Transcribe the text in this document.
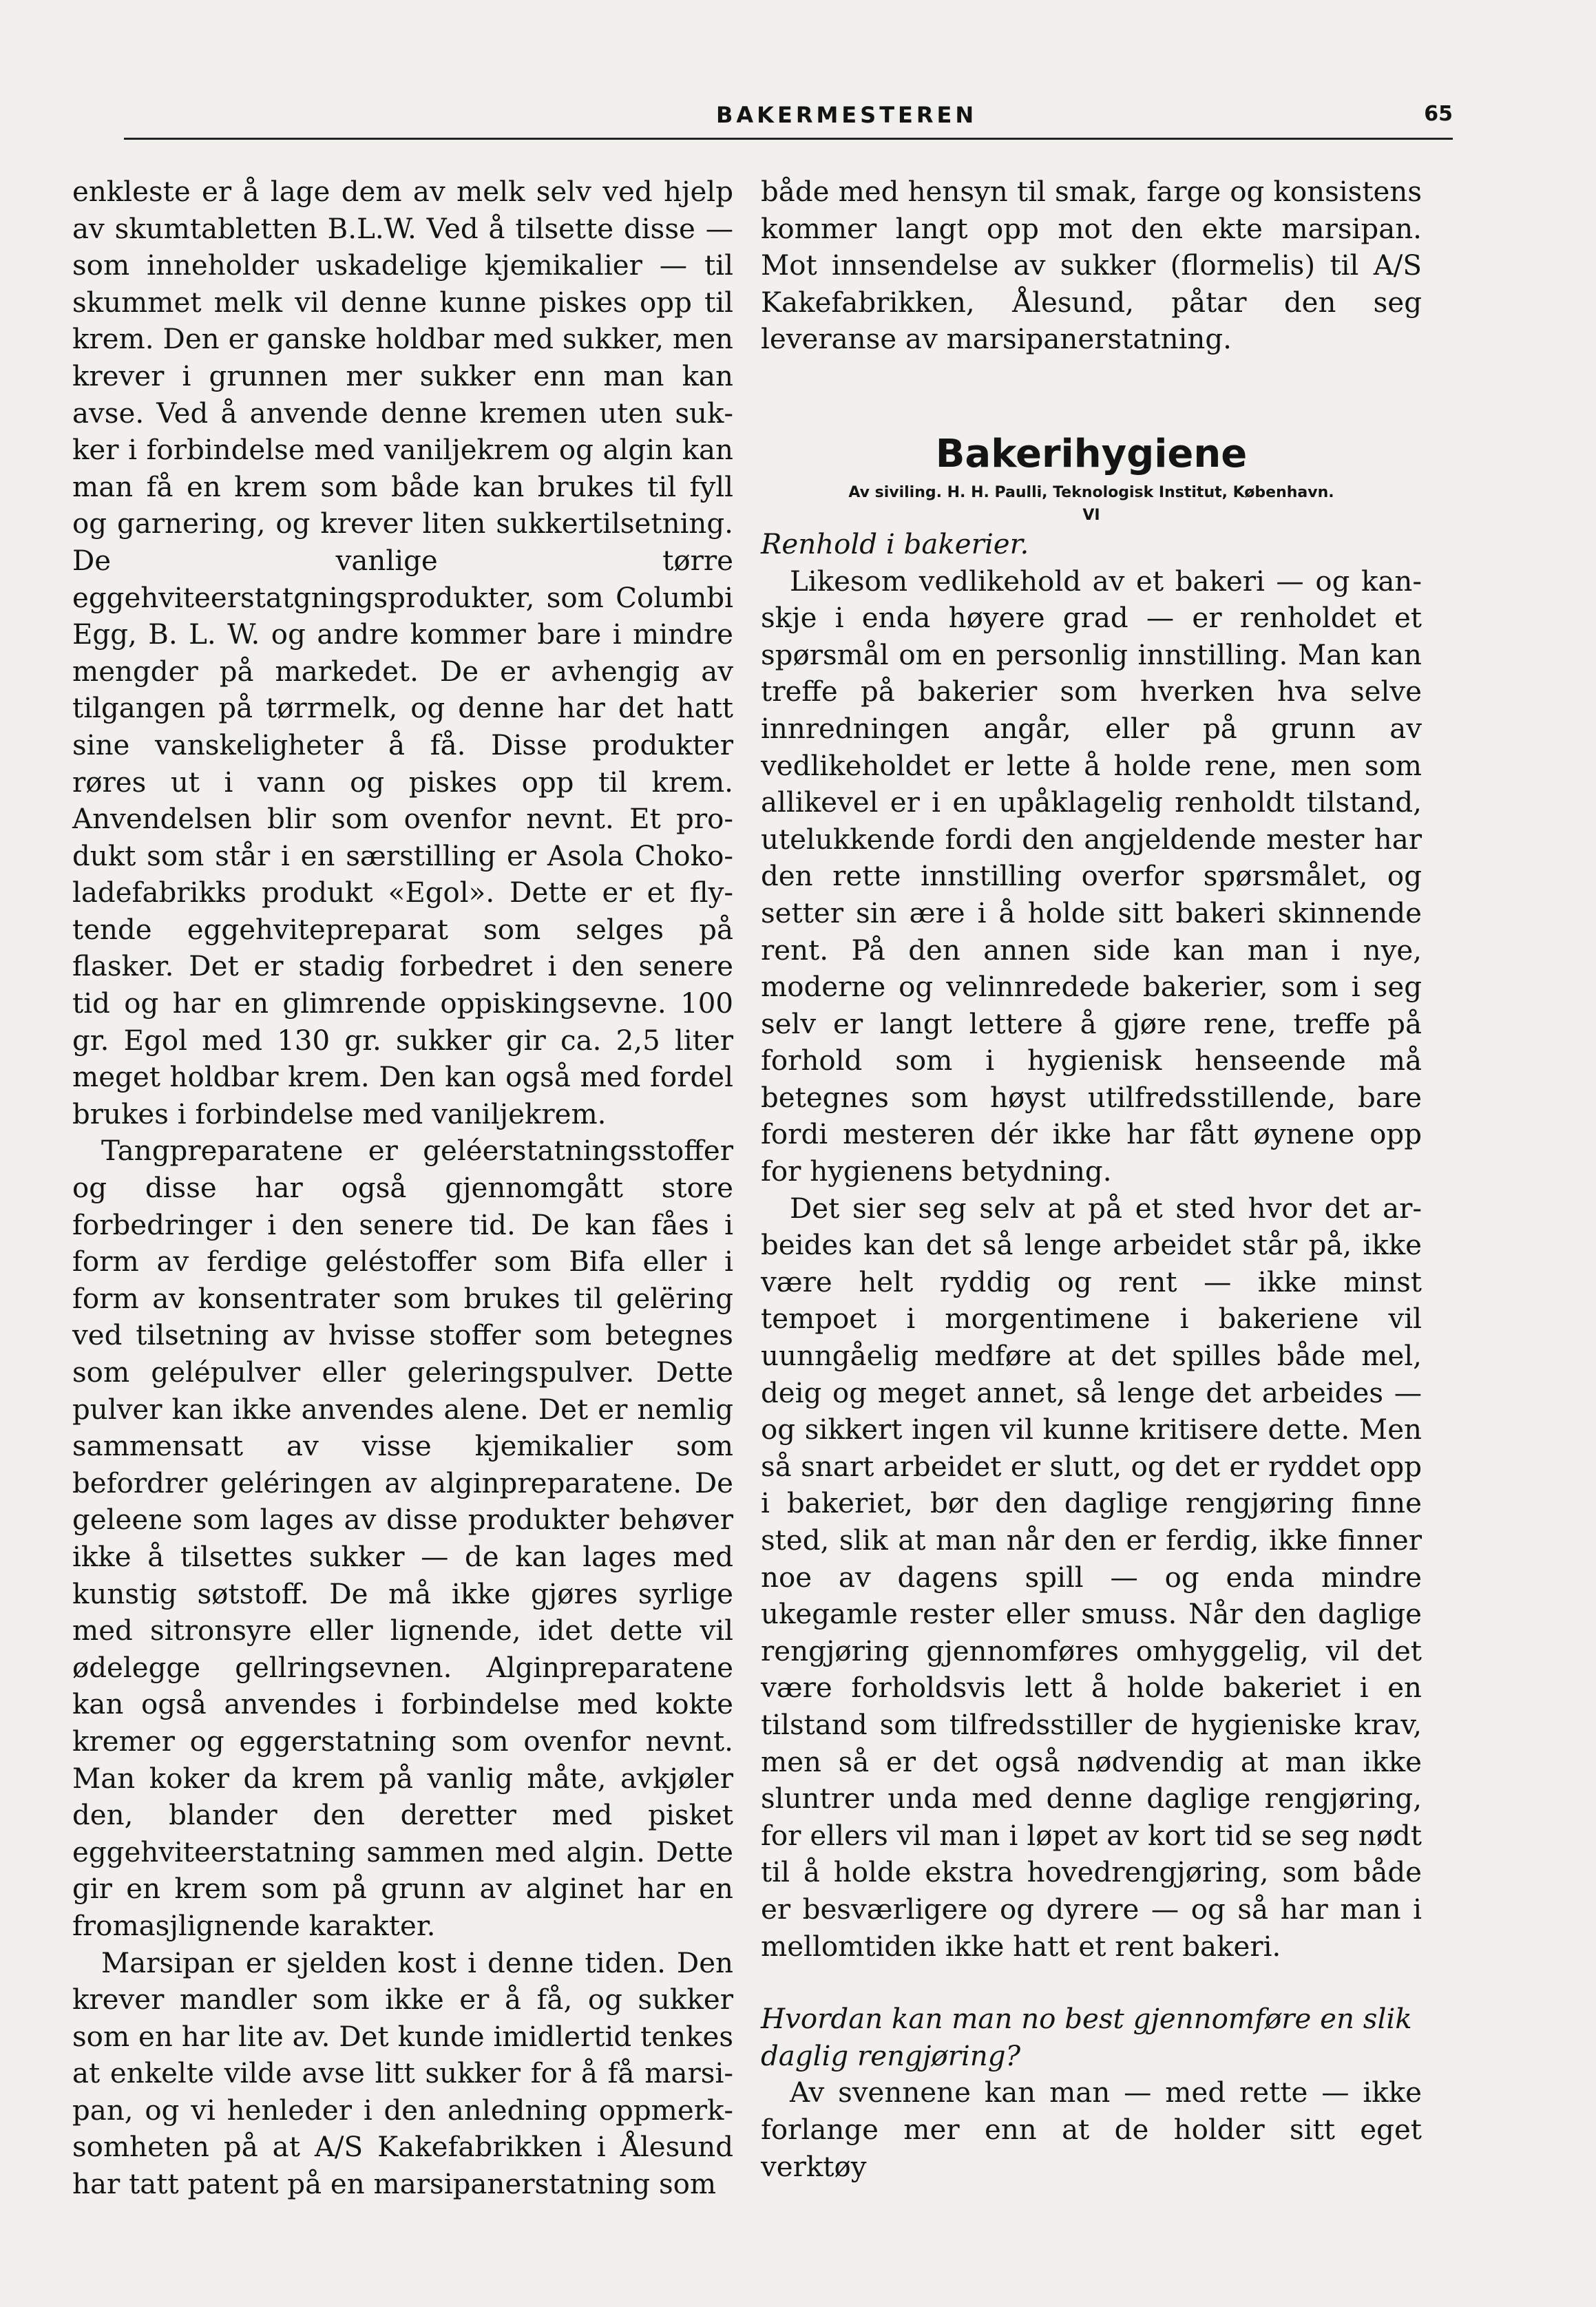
BAKERMESTEREN	65

enkleste er å lage dem av melk selv ved hjelp av skumtabletten B.L.W. Ved å tilsette disse — som inneholder uskadelige kjemikalier — til skummet melk vil denne kunne piskes opp til krem. Den er ganske holdbar med sukker, men krever i grunnen mer sukker enn man kan avse. Ved å anvende denne kremen uten sukker i forbindelse med vaniljekrem og algin kan man få en krem som både kan brukes til fyll og garnering, og krever liten sukkertilsetning. De vanlige tørre eggehviteerstatgningsprodukter, som Columbi Egg, B. L. W. og andre kommer bare i mindre mengder på markedet. De er avhengig av tilgangen på tørrmelk, og denne har det hatt sine vanskeligheter å få. Disse produkter røres ut i vann og piskes opp til krem. Anvendelsen blir som ovenfor nevnt. Et produkt som står i en særstilling er Asola Chokoladefabrikks produkt «Egol». Dette er et flytende eggehvitepreparat som selges på flasker. Det er stadig forbedret i den senere tid og har en glimrende oppiskingsevne. 100 gr. Egol med 130 gr. sukker gir ca. 2,5 liter meget holdbar krem. Den kan også med fordel brukes i forbindelse med vaniljekrem.

Tangpreparatene er geléerstatningsstoffer og disse har også gjennomgått store forbedringer i den senere tid. De kan fåes i form av ferdige geléstoffer som Bifa eller i form av konsentrater som brukes til gelëring ved tilsetning av hvisse stoffer som betegnes som gelépulver eller geleringspulver. Dette pulver kan ikke anvendes alene. Det er nemlig sammensatt av visse kjemikalier som befordrer geléringen av alginpreparatene. De geleene som lages av disse produkter behøver ikke å tilsettes sukker — de kan lages med kunstig søtstoff. De må ikke gjøres syrlige med sitronsyre eller lignende, idet dette vil ødelegge gellringsevnen. Alginpreparatene kan også anvendes i forbindelse med kokte kremer og eggerstatning som ovenfor nevnt. Man koker da krem på vanlig måte, avkjøler den, blander den deretter med pisket eggehviteerstatning sammen med algin. Dette gir en krem som på grunn av alginet har en fromasjlignende karakter.

Marsipan er sjelden kost i denne tiden. Den krever mandler som ikke er å få, og sukker som en har lite av. Det kunde imidlertid tenkes at enkelte vilde avse litt sukker for å få marsipan, og vi henleder i den anledning oppmerksomheten på at A/S Kakefabrikken i Ålesund har tatt patent på en marsipanerstatning som

både med hensyn til smak, farge og konsistens kommer langt opp mot den ekte marsipan. Mot innsendelse av sukker (flormelis) til A/S Kakefabrikken, Ålesund, påtar den seg leveranse av marsipanerstatning.

Bakerihygiene
Av siviling. H. H. Paulli, Teknologisk Institut, København.
VI
Renhold i bakerier.

Likesom vedlikehold av et bakeri — og kanskje i enda høyere grad — er renholdet et spørsmål om en personlig innstilling. Man kan treffe på bakerier som hverken hva selve innredningen angår, eller på grunn av vedlikeholdet er lette å holde rene, men som allikevel er i en upåklagelig renholdt tilstand, utelukkende fordi den angjeldende mester har den rette innstilling overfor spørsmålet, og setter sin ære i å holde sitt bakeri skinnende rent. På den annen side kan man i nye, moderne og velinnredede bakerier, som i seg selv er langt lettere å gjøre rene, treffe på forhold som i hygienisk henseende må betegnes som høyst utilfredsstillende, bare fordi mesteren dér ikke har fått øynene opp for hygienens betydning.

Det sier seg selv at på et sted hvor det arbeides kan det så lenge arbeidet står på, ikke være helt ryddig og rent — ikke minst tempoet i morgentimene i bakeriene vil uunngåelig medføre at det spilles både mel, deig og meget annet, så lenge det arbeides — og sikkert ingen vil kunne kritisere dette. Men så snart arbeidet er slutt, og det er ryddet opp i bakeriet, bør den daglige rengjøring finne sted, slik at man når den er ferdig, ikke finner noe av dagens spill — og enda mindre ukegamle rester eller smuss. Når den daglige rengjøring gjennomføres omhyggelig, vil det være forholdsvis lett å holde bakeriet i en tilstand som tilfredsstiller de hygieniske krav, men så er det også nødvendig at man ikke sluntrer unda med denne daglige rengjøring, for ellers vil man i løpet av kort tid se seg nødt til å holde ekstra hovedrengjøring, som både er besværligere og dyrere — og så har man i mellomtiden ikke hatt et rent bakeri.

Hvordan kan man no best gjennomføre en slik daglig rengjøring?

Av svennene kan man — med rette — ikke forlange mer enn at de holder sitt eget verktøy
